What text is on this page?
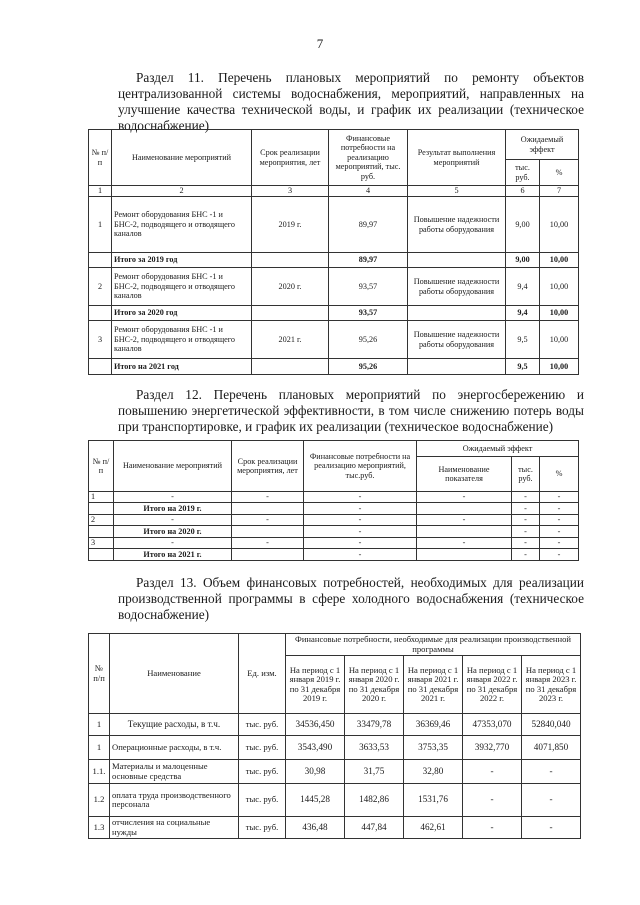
7
Раздел 11. Перечень плановых мероприятий по ремонту объектов централизованной системы водоснабжения, мероприятий, направленных на улучшение качества технической воды, и график их реализации (техническое водоснабжение)
№ п/п	Наименование мероприятий	Срок реализации мероприятия, лет	Финансовые потребности на реализацию мероприятий, тыс. руб.	Результат выполнения мероприятий	Ожидаемый эффект	
					тыс. руб.	%
1	2	3	4	5	6	7
1	Ремонт оборудования БНС -1 и БНС-2, подводящего и отводящего каналов	2019 г.	89,97	Повышение надежности работы оборудования	9,00	10,00
	Итого за 2019 год		89,97		9,00	10,00
2	Ремонт оборудования БНС -1 и БНС-2, подводящего и отводящего каналов	2020 г.	93,57	Повышение надежности работы оборудования	9,4	10,00
	Итого за 2020 год		93,57		9,4	10,00
3	Ремонт оборудования БНС -1 и БНС-2, подводящего и отводящего каналов	2021 г.	95,26	Повышение надежности работы оборудования	9,5	10,00
	Итого на 2021 год		95,26		9,5	10,00
Раздел 12. Перечень плановых мероприятий по энергосбережению и повышению энергетической эффективности, в том числе снижению потерь воды при транспортировке, и график их реализации (техническое водоснабжение)
№ п/п	Наименование мероприятий	Срок реализации мероприятия, лет	Финансовые потребности на реализацию мероприятий, тыс.руб.	Ожидаемый эффект		
				Наименование показателя	тыс. руб.	%
1	-	-	-	-	-	-
	Итого на 2019 г.		-		-	-
2	-	-	-	-	-	-
	Итого на 2020 г.		-		-	-
3	-	-	-	-	-	-
	Итого на 2021 г.		-		-	-
Раздел 13. Объем финансовых потребностей, необходимых для реализации производственной программы в сфере холодного водоснабжения (техническое водоснабжение)
№ п/п	Наименование	Ед. изм.	Финансовые потребности, необходимые для реализации производственной программы				
			На период с 1 января 2019 г. по 31 декабря 2019 г.	На период с 1 января 2020 г. по 31 декабря 2020 г.	На период с 1 января 2021 г. по 31 декабря 2021 г.	На период с 1 января 2022 г. по 31 декабря 2022 г.	На период с 1 января 2023 г. по 31 декабря 2023 г.
1	Текущие расходы, в т.ч.	тыс. руб.	34536,450	33479,78	36369,46	47353,070	52840,040
1	Операционные расходы, в т.ч.	тыс. руб.	3543,490	3633,53	3753,35	3932,770	4071,850
1.1.	Материалы и малоценные основные средства	тыс. руб.	30,98	31,75	32,80	-	-
1.2	оплата труда производственного персонала	тыс. руб.	1445,28	1482,86	1531,76	-	-
1.3	отчисления на социальные нужды	тыс. руб.	436,48	447,84	462,61	-	-
